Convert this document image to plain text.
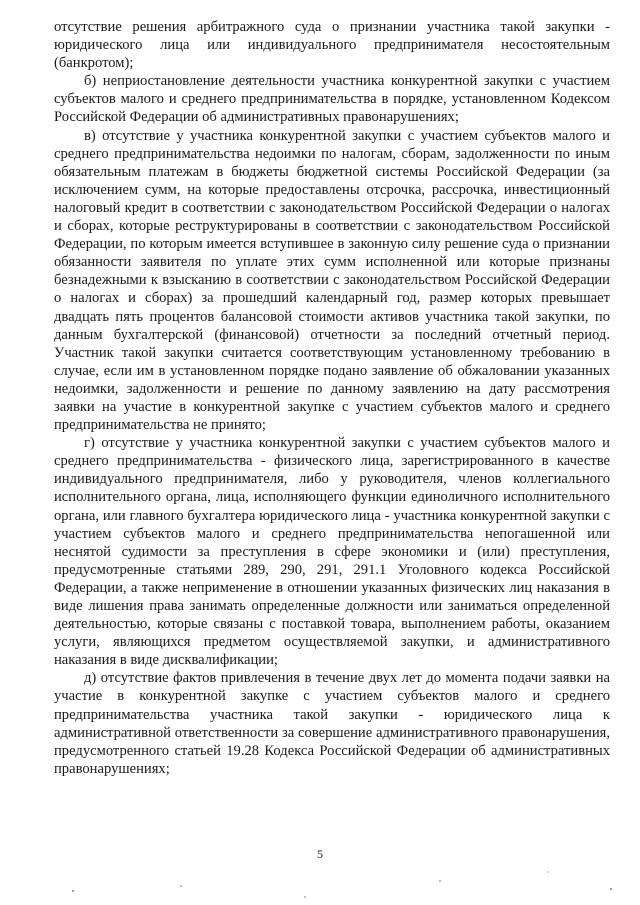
отсутствие решения арбитражного суда о признании участника такой закупки - юридического лица или индивидуального предпринимателя несостоятельным (банкротом);

б) неприостановление деятельности участника конкурентной закупки с участием субъектов малого и среднего предпринимательства в порядке, установленном Кодексом Российской Федерации об административных правонарушениях;

в) отсутствие у участника конкурентной закупки с участием субъектов малого и среднего предпринимательства недоимки по налогам, сборам, задолженности по иным обязательным платежам в бюджеты бюджетной системы Российской Федерации (за исключением сумм, на которые предоставлены отсрочка, рассрочка, инвестиционный налоговый кредит в соответствии с законодательством Российской Федерации о налогах и сборах, которые реструктурированы в соответствии с законодательством Российской Федерации, по которым имеется вступившее в законную силу решение суда о признании обязанности заявителя по уплате этих сумм исполненной или которые признаны безнадежными к взысканию в соответствии с законодательством Российской Федерации о налогах и сборах) за прошедший календарный год, размер которых превышает двадцать пять процентов балансовой стоимости активов участника такой закупки, по данным бухгалтерской (финансовой) отчетности за последний отчетный период. Участник такой закупки считается соответствующим установленному требованию в случае, если им в установленном порядке подано заявление об обжаловании указанных недоимки, задолженности и решение по данному заявлению на дату рассмотрения заявки на участие в конкурентной закупке с участием субъектов малого и среднего предпринимательства не принято;

г) отсутствие у участника конкурентной закупки с участием субъектов малого и среднего предпринимательства - физического лица, зарегистрированного в качестве индивидуального предпринимателя, либо у руководителя, членов коллегиального исполнительного органа, лица, исполняющего функции единоличного исполнительного органа, или главного бухгалтера юридического лица - участника конкурентной закупки с участием субъектов малого и среднего предпринимательства непогашенной или неснятой судимости за преступления в сфере экономики и (или) преступления, предусмотренные статьями 289, 290, 291, 291.1 Уголовного кодекса Российской Федерации, а также неприменение в отношении указанных физических лиц наказания в виде лишения права занимать определенные должности или заниматься определенной деятельностью, которые связаны с поставкой товара, выполнением работы, оказанием услуги, являющихся предметом осуществляемой закупки, и административного наказания в виде дисквалификации;

д) отсутствие фактов привлечения в течение двух лет до момента подачи заявки на участие в конкурентной закупке с участием субъектов малого и среднего предпринимательства участника такой закупки - юридического лица к административной ответственности за совершение административного правонарушения, предусмотренного статьей 19.28 Кодекса Российской Федерации об административных правонарушениях;

5
